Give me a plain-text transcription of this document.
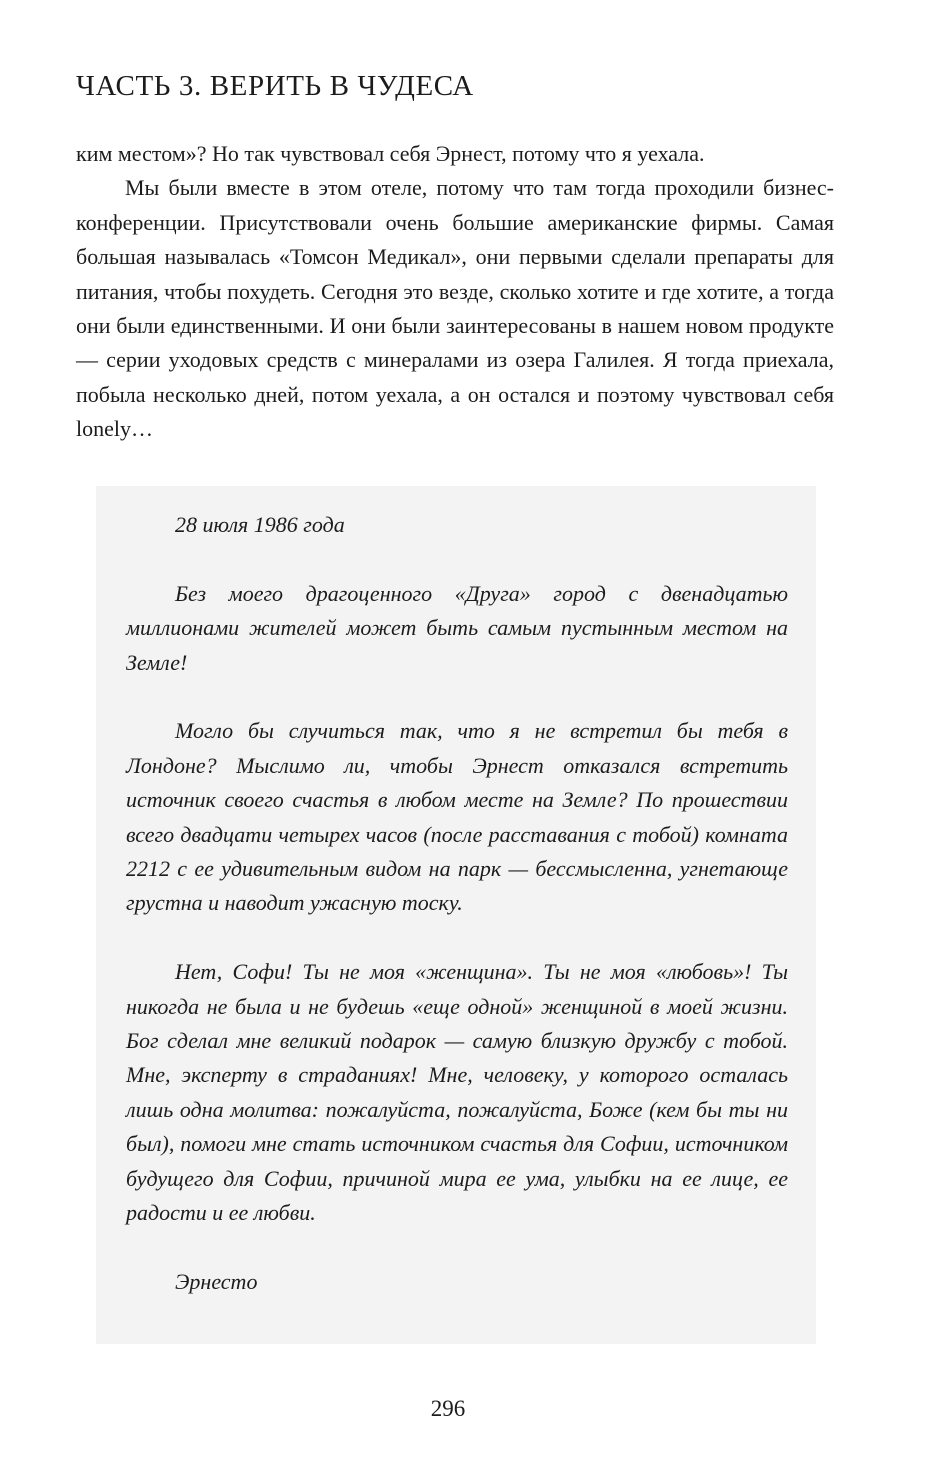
ЧАСТЬ 3. ВЕРИТЬ В ЧУДЕСА

ким местом»? Но так чувствовал себя Эрнест, потому что я уехала.

Мы были вместе в этом отеле, потому что там тогда проходили бизнес-конференции. Присутствовали очень большие американские фирмы. Самая большая называлась «Томсон Медикал», они первыми сделали препараты для питания, чтобы похудеть. Сегодня это везде, сколько хотите и где хотите, а тогда они были единственными. И они были заинтересованы в нашем новом продукте — серии уходовых средств с минералами из озера Галилея. Я тогда приехала, побыла несколько дней, потом уехала, а он остался и поэтому чувствовал себя lonely…

28 июля 1986 года

Без моего драгоценного «Друга» город с двенадцатью миллионами жителей может быть самым пустынным местом на Земле!

Могло бы случиться так, что я не встретил бы тебя в Лондоне? Мыслимо ли, чтобы Эрнест отказался встретить источник своего счастья в любом месте на Земле? По прошествии всего двадцати четырех часов (после расставания с тобой) комната 2212 с ее удивительным видом на парк — бессмысленна, угнетающе грустна и наводит ужасную тоску.

Нет, Софи! Ты не моя «женщина». Ты не моя «любовь»! Ты никогда не была и не будешь «еще одной» женщиной в моей жизни. Бог сделал мне великий подарок — самую близкую дружбу с тобой. Мне, эксперту в страданиях! Мне, человеку, у которого осталась лишь одна молитва: пожалуйста, пожалуйста, Боже (кем бы ты ни был), помоги мне стать источником счастья для Софии, источником будущего для Софии, причиной мира ее ума, улыбки на ее лице, ее радости и ее любви.

Эрнесто

296
